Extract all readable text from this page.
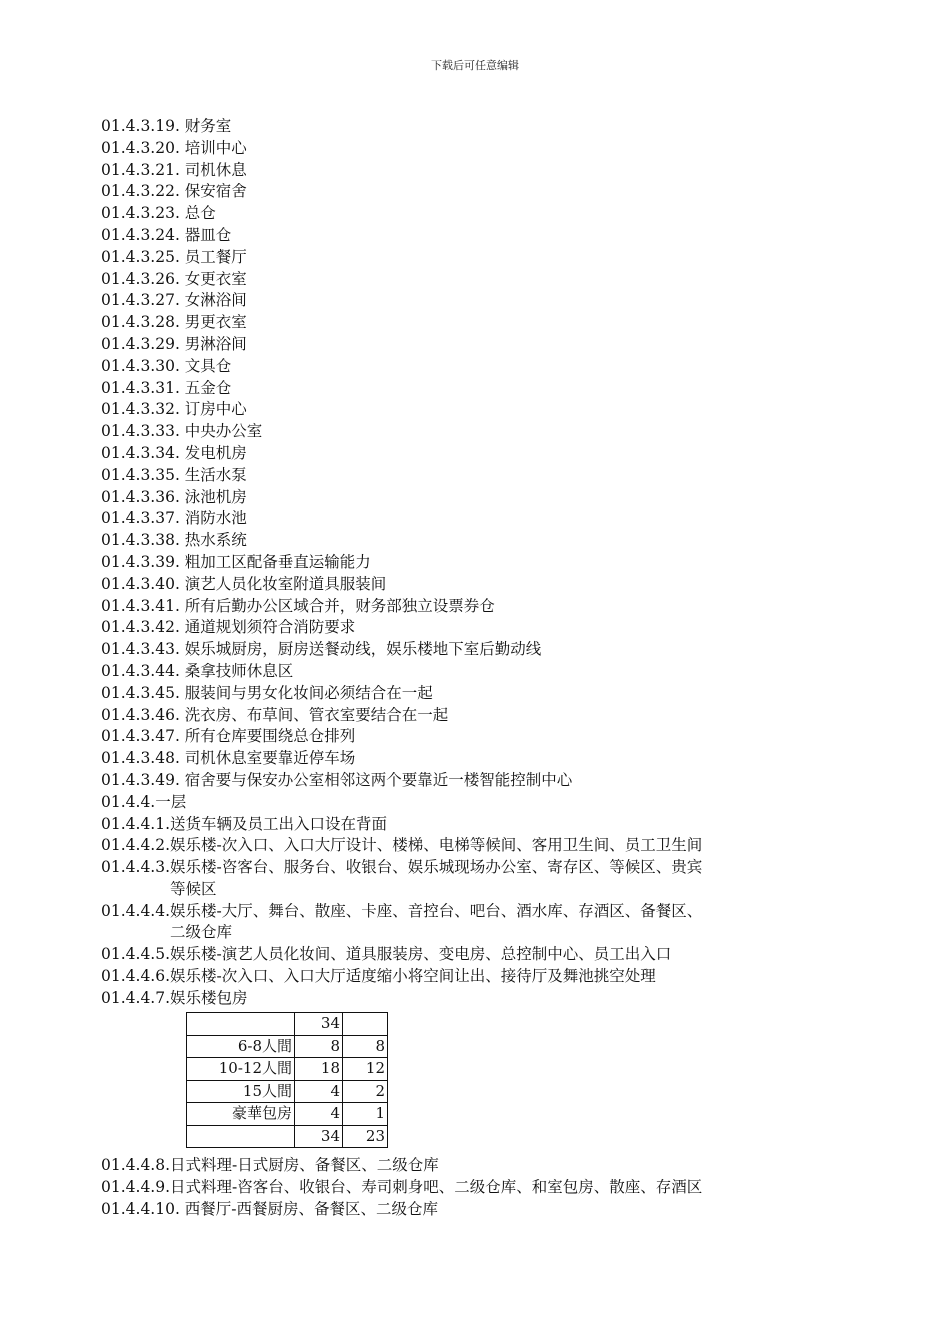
下载后可任意编辑
01.4.3.19. 财务室
01.4.3.20. 培训中心
01.4.3.21. 司机休息
01.4.3.22. 保安宿舍
01.4.3.23. 总仓
01.4.3.24. 器皿仓
01.4.3.25. 员工餐厅
01.4.3.26. 女更衣室
01.4.3.27. 女淋浴间
01.4.3.28. 男更衣室
01.4.3.29. 男淋浴间
01.4.3.30. 文具仓
01.4.3.31. 五金仓
01.4.3.32. 订房中心
01.4.3.33. 中央办公室
01.4.3.34. 发电机房
01.4.3.35. 生活水泵
01.4.3.36. 泳池机房
01.4.3.37. 消防水池
01.4.3.38. 热水系统
01.4.3.39. 粗加工区配备垂直运输能力
01.4.3.40. 演艺人员化妆室附道具服装间
01.4.3.41. 所有后勤办公区域合并，财务部独立设票券仓
01.4.3.42. 通道规划须符合消防要求
01.4.3.43. 娱乐城厨房，厨房送餐动线，娱乐楼地下室后勤动线
01.4.3.44. 桑拿技师休息区
01.4.3.45. 服装间与男女化妆间必须结合在一起
01.4.3.46. 洗衣房、布草间、管衣室要结合在一起
01.4.3.47. 所有仓库要围绕总仓排列
01.4.3.48. 司机休息室要靠近停车场
01.4.3.49. 宿舍要与保安办公室相邻这两个要靠近一楼智能控制中心
01.4.4.一层
01.4.4.1.送货车辆及员工出入口设在背面
01.4.4.2.娱乐楼-次入口、入口大厅设计、楼梯、电梯等候间、客用卫生间、员工卫生间
01.4.4.3.娱乐楼-咨客台、服务台、收银台、娱乐城现场办公室、寄存区、等候区、贵宾
等候区
01.4.4.4.娱乐楼-大厅、舞台、散座、卡座、音控台、吧台、酒水库、存酒区、备餐区、
二级仓库
01.4.4.5.娱乐楼-演艺人员化妆间、道具服装房、变电房、总控制中心、员工出入口
01.4.4.6.娱乐楼-次入口、入口大厅适度缩小将空间让出、接待厅及舞池挑空处理
01.4.4.7.娱乐楼包房
	34	
6-8人間	8	8
10-12人間	18	12
15人間	4	2
豪華包房	4	1
	34	23
01.4.4.8.日式料理-日式厨房、备餐区、二级仓库
01.4.4.9.日式料理-咨客台、收银台、寿司刺身吧、二级仓库、和室包房、散座、存酒区
01.4.4.10. 西餐厅-西餐厨房、备餐区、二级仓库
